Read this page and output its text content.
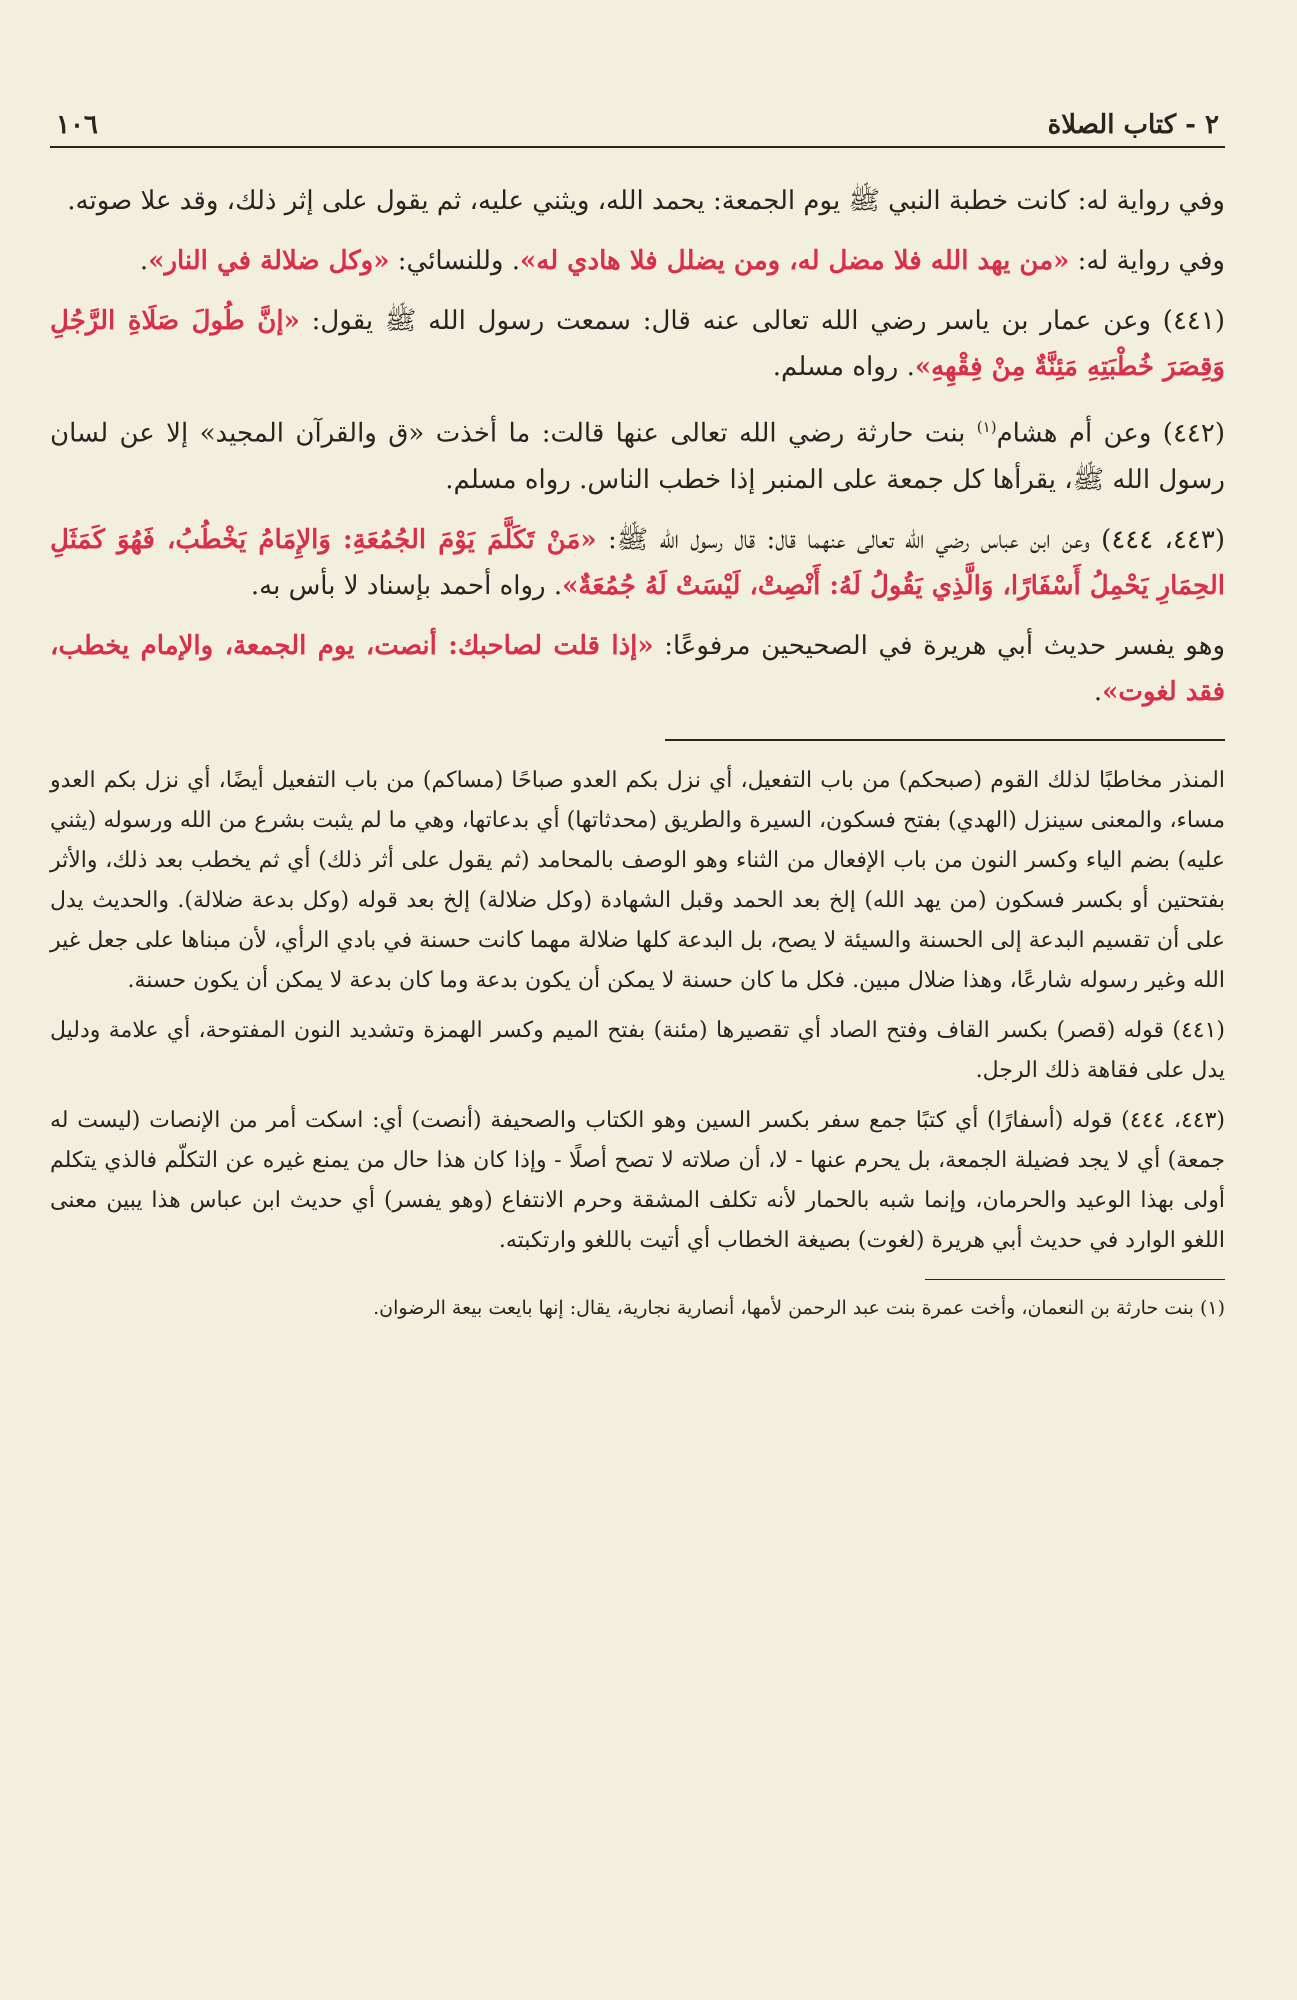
٢ - كتاب الصلاة
١٠٦

وفي رواية له: كانت خطبة النبي ﷺ يوم الجمعة: يحمد الله، ويثني عليه، ثم يقول على إثر ذلك، وقد علا صوته.

وفي رواية له: «من يهد الله فلا مضل له، ومن يضلل فلا هادي له». وللنسائي: «وكل ضلالة في النار».

(٤٤١) وعن عمار بن ياسر رضي الله تعالى عنه قال: سمعت رسول الله ﷺ يقول: «إنَّ طُولَ صَلَاةِ الرَّجُلِ وَقِصَرَ خُطْبَتِهِ مَئِنَّةٌ مِنْ فِقْهِهِ». رواه مسلم.

(٤٤٢) وعن أم هشام$^{(١)}$ بنت حارثة رضي الله تعالى عنها قالت: ما أخذت «ق والقرآن المجيد» إلا عن لسان رسول الله ﷺ، يقرأها كل جمعة على المنبر إذا خطب الناس. رواه مسلم.

(٤٤٣، ٤٤٤) وعن ابن عباس رضي الله تعالى عنهما قال: قال رسول الله ﷺ: «مَنْ تَكَلَّمَ يَوْمَ الجُمُعَةِ: وَالإِمَامُ يَخْطُبُ، فَهُوَ كَمَثَلِ الحِمَارِ يَحْمِلُ أَسْفَارًا، وَالَّذِي يَقُولُ لَهُ: أَنْصِتْ، لَيْسَتْ لَهُ جُمُعَةٌ». رواه أحمد بإسناد لا بأس به.

وهو يفسر حديث أبي هريرة في الصحيحين مرفوعًا: «إذا قلت لصاحبك: أنصت، يوم الجمعة، والإمام يخطب، فقد لغوت».

المنذر مخاطبًا لذلك القوم (صبحكم) من باب التفعيل، أي نزل بكم العدو صباحًا (مساكم) من باب التفعيل أيضًا، أي نزل بكم العدو مساء، والمعنى سينزل (الهدي) بفتح فسكون، السيرة والطريق (محدثاتها) أي بدعاتها، وهي ما لم يثبت بشرع من الله ورسوله (يثني عليه) بضم الياء وكسر النون من باب الإفعال من الثناء وهو الوصف بالمحامد (ثم يقول على أثر ذلك) أي ثم يخطب بعد ذلك، والأثر بفتحتين أو بكسر فسكون (من يهد الله) إلخ بعد الحمد وقبل الشهادة (وكل ضلالة) إلخ بعد قوله (وكل بدعة ضلالة). والحديث يدل على أن تقسيم البدعة إلى الحسنة والسيئة لا يصح، بل البدعة كلها ضلالة مهما كانت حسنة في بادي الرأي، لأن مبناها على جعل غير الله وغير رسوله شارعًا، وهذا ضلال مبين. فكل ما كان حسنة لا يمكن أن يكون بدعة وما كان بدعة لا يمكن أن يكون حسنة.

(٤٤١) قوله (قصر) بكسر القاف وفتح الصاد أي تقصيرها (مئنة) بفتح الميم وكسر الهمزة وتشديد النون المفتوحة، أي علامة ودليل يدل على فقاهة ذلك الرجل.

(٤٤٣، ٤٤٤) قوله (أسفارًا) أي كتبًا جمع سفر بكسر السين وهو الكتاب والصحيفة (أنصت) أي: اسكت أمر من الإنصات (ليست له جمعة) أي لا يجد فضيلة الجمعة، بل يحرم عنها - لا، أن صلاته لا تصح أصلًا - وإذا كان هذا حال من يمنع غيره عن التكلّم فالذي يتكلم أولى بهذا الوعيد والحرمان، وإنما شبه بالحمار لأنه تكلف المشقة وحرم الانتفاع (وهو يفسر) أي حديث ابن عباس هذا يبين معنى اللغو الوارد في حديث أبي هريرة (لغوت) بصيغة الخطاب أي أتيت باللغو وارتكبته.

(١) بنت حارثة بن النعمان، وأخت عمرة بنت عبد الرحمن لأمها، أنصارية نجارية، يقال: إنها بايعت بيعة الرضوان.
